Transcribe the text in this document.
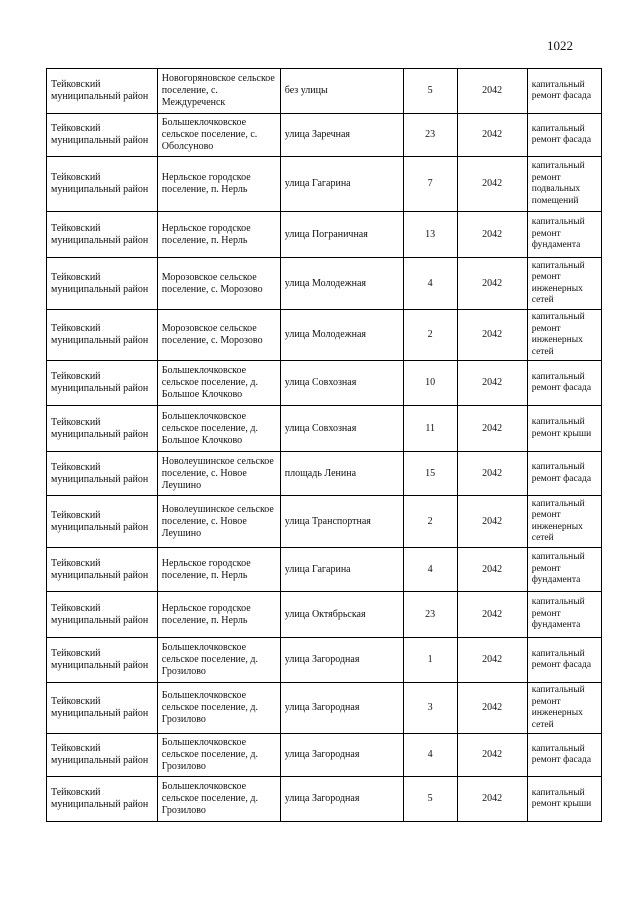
1022
Тейковский муниципальный район	Новогоряновское сельское поселение, с. Междуреченск	без улицы	5	2042	капитальный ремонт фасада
Тейковский муниципальный район	Большеклочковское сельское поселение, с. Оболсуново	улица Заречная	23	2042	капитальный ремонт фасада
Тейковский муниципальный район	Нерльское городское поселение, п. Нерль	улица Гагарина	7	2042	капитальный ремонт подвальных помещений
Тейковский муниципальный район	Нерльское городское поселение, п. Нерль	улица Пограничная	13	2042	капитальный ремонт фундамента
Тейковский муниципальный район	Морозовское сельское поселение, с. Морозово	улица Молодежная	4	2042	капитальный ремонт инженерных сетей
Тейковский муниципальный район	Морозовское сельское поселение, с. Морозово	улица Молодежная	2	2042	капитальный ремонт инженерных сетей
Тейковский муниципальный район	Большеклочковское сельское поселение, д. Большое Клочково	улица Совхозная	10	2042	капитальный ремонт фасада
Тейковский муниципальный район	Большеклочковское сельское поселение, д. Большое Клочково	улица Совхозная	11	2042	капитальный ремонт крыши
Тейковский муниципальный район	Новолеушинское сельское поселение, с. Новое Леушино	площадь Ленина	15	2042	капитальный ремонт фасада
Тейковский муниципальный район	Новолеушинское сельское поселение, с. Новое Леушино	улица Транспортная	2	2042	капитальный ремонт инженерных сетей
Тейковский муниципальный район	Нерльское городское поселение, п. Нерль	улица Гагарина	4	2042	капитальный ремонт фундамента
Тейковский муниципальный район	Нерльское городское поселение, п. Нерль	улица Октябрьская	23	2042	капитальный ремонт фундамента
Тейковский муниципальный район	Большеклочковское сельское поселение, д. Грозилово	улица Загородная	1	2042	капитальный ремонт фасада
Тейковский муниципальный район	Большеклочковское сельское поселение, д. Грозилово	улица Загородная	3	2042	капитальный ремонт инженерных сетей
Тейковский муниципальный район	Большеклочковское сельское поселение, д. Грозилово	улица Загородная	4	2042	капитальный ремонт фасада
Тейковский муниципальный район	Большеклочковское сельское поселение, д. Грозилово	улица Загородная	5	2042	капитальный ремонт крыши
